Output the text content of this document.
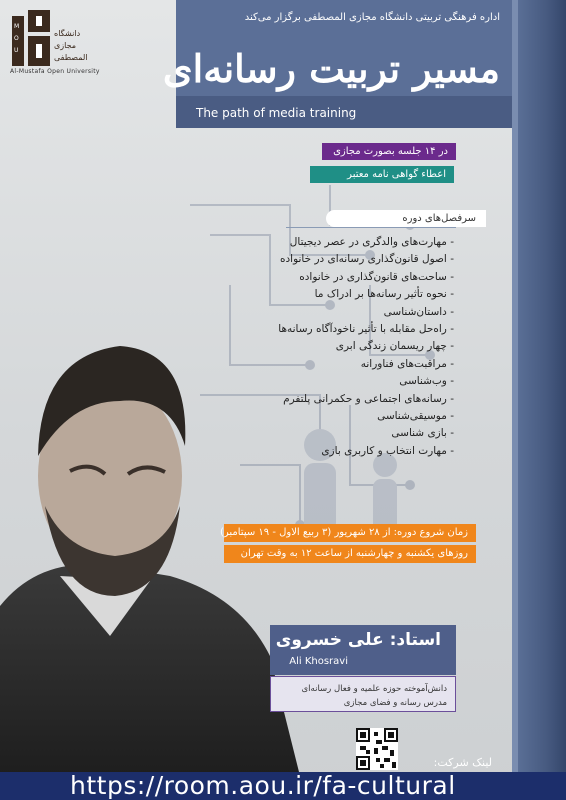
M
O
U
دانشگاه
مجازی
المصطفی
Al-Mustafa Open University
اداره فرهنگی تربیتی دانشگاه مجازی المصطفی برگزار می‌کند
مسیر تربیت رسانه‌ای
The path of media training
در ۱۴ جلسه بصورت مجازی
اعطاء گواهی نامه معتبر
سرفصل‌های دوره
- مهارت‌های والدگری در عصر دیجیتال
- اصول قانون‌گذاری رسانه‌ای در خانواده
- ساحت‌های قانون‌گذاری در خانواده
- نحوه تأثیر رسانه‌ها بر ادراک ما
- داستان‌شناسی
- راه‌حل مقابله با تأثیر ناخودآگاه رسانه‌ها
- چهار ریسمان زندگی ابری
- مراقبت‌های فناورانه
- وب‌شناسی
- رسانه‌های اجتماعی و حکمرانی پلتفرم
- موسیقی‌شناسی
- بازی شناسی
- مهارت انتخاب و کاربری بازی
زمان شروع دوره: از ۲۸ شهریور (۳ ربیع الاول - ۱۹ سپتامبر)
روزهای یکشنبه و چهارشنبه از ساعت ۱۲ به وقت تهران
استاد: علی خسروی
Ali Khosravi
دانش‌آموخته حوزه علمیه و فعال رسانه‌ای
مدرس رسانه و فضای مجازی
لینک شرکت:
https://room.aou.ir/fa-cultural
